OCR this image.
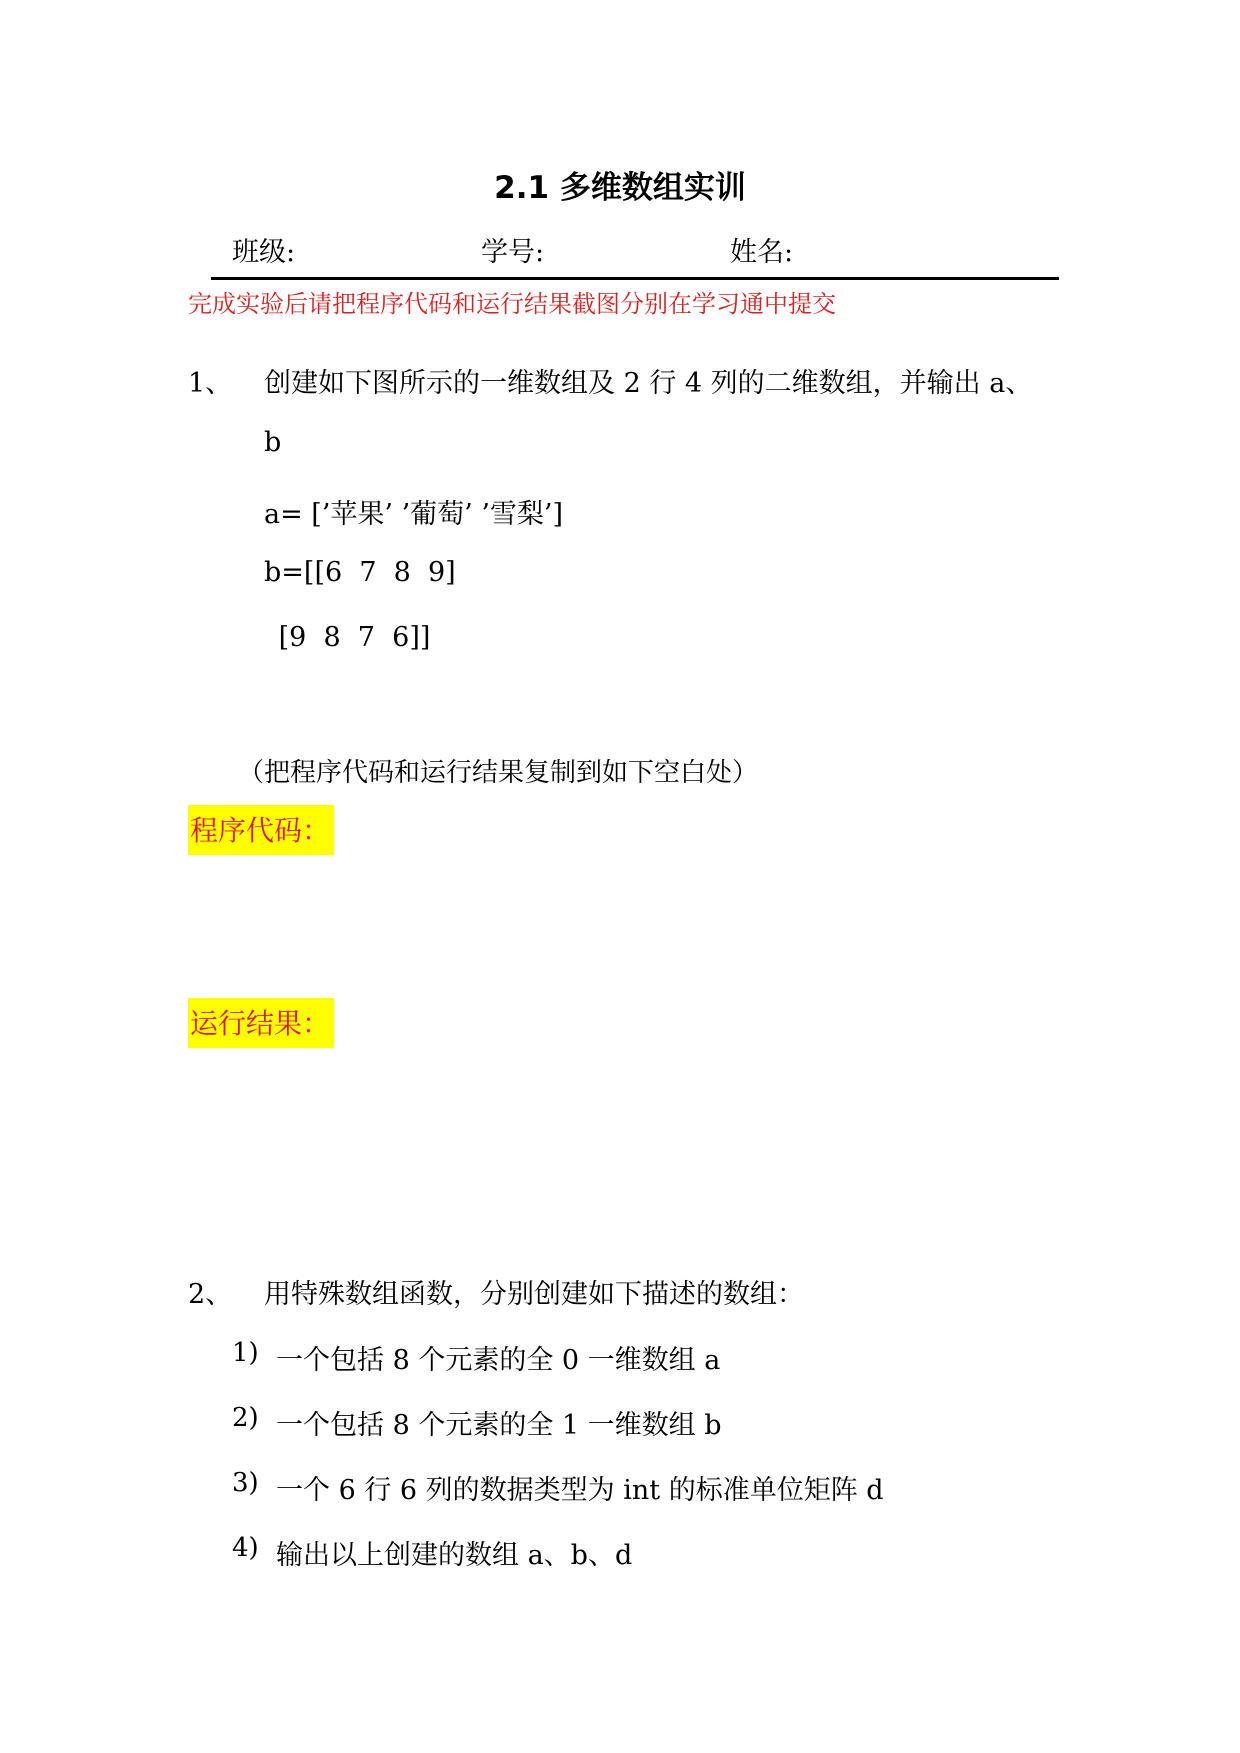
2.1 多维数组实训
班级:	学号:	姓名:
完成实验后请把程序代码和运行结果截图分别在学习通中提交
1、 创建如下图所示的一维数组及 2 行 4 列的二维数组，并输出 a、
b
a= [’苹果’ ’葡萄’ ’雪梨’]
b=[[6  7  8  9]
[9  8  7  6]]
（把程序代码和运行结果复制到如下空白处）
程序代码：
运行结果：
2、 用特殊数组函数，分别创建如下描述的数组：
1) 一个包括 8 个元素的全 0 一维数组 a
2) 一个包括 8 个元素的全 1 一维数组 b
3) 一个 6 行 6 列的数据类型为 int 的标准单位矩阵 d
4) 输出以上创建的数组 a、b、d
